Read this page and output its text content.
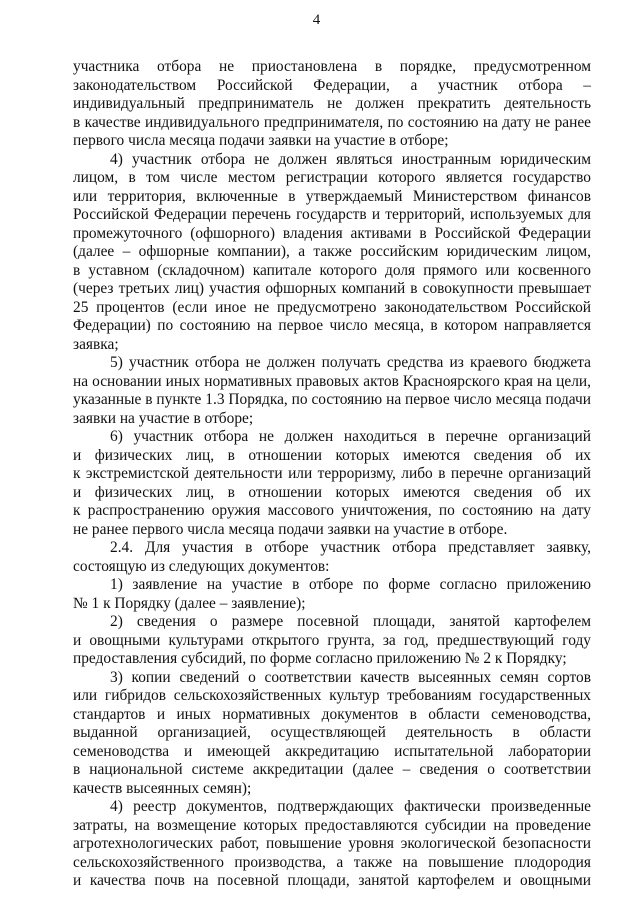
4
участника отбора не приостановлена в порядке, предусмотренном
законодательством Российской Федерации, а участник отбора –
индивидуальный предприниматель не должен прекратить деятельность
в качестве индивидуального предпринимателя, по состоянию на дату не ранее
первого числа месяца подачи заявки на участие в отборе;
4) участник отбора не должен являться иностранным юридическим
лицом, в том числе местом регистрации которого является государство
или территория, включенные в утверждаемый Министерством финансов
Российской Федерации перечень государств и территорий, используемых для
промежуточного (офшорного) владения активами в Российской Федерации
(далее – офшорные компании), а также российским юридическим лицом,
в уставном (складочном) капитале которого доля прямого или косвенного
(через третьих лиц) участия офшорных компаний в совокупности превышает
25 процентов (если иное не предусмотрено законодательством Российской
Федерации) по состоянию на первое число месяца, в котором направляется
заявка;
5) участник отбора не должен получать средства из краевого бюджета
на основании иных нормативных правовых актов Красноярского края на цели,
указанные в пункте 1.3 Порядка, по состоянию на первое число месяца подачи
заявки на участие в отборе;
6) участник отбора не должен находиться в перечне организаций
и физических лиц, в отношении которых имеются сведения об их
к экстремистской деятельности или терроризму, либо в перечне организаций
и физических лиц, в отношении которых имеются сведения об их
к распространению оружия массового уничтожения, по состоянию на дату
не ранее первого числа месяца подачи заявки на участие в отборе.
2.4. Для участия в отборе участник отбора представляет заявку,
состоящую из следующих документов:
1) заявление на участие в отборе по форме согласно приложению
№ 1 к Порядку (далее – заявление);
2) сведения о размере посевной площади, занятой картофелем
и овощными культурами открытого грунта, за год, предшествующий году
предоставления субсидий, по форме согласно приложению № 2 к Порядку;
3) копии сведений о соответствии качеств высеянных семян сортов
или гибридов сельскохозяйственных культур требованиям государственных
стандартов и иных нормативных документов в области семеноводства,
выданной организацией, осуществляющей деятельность в области
семеноводства и имеющей аккредитацию испытательной лаборатории
в национальной системе аккредитации (далее – сведения о соответствии
качеств высеянных семян);
4) реестр документов, подтверждающих фактически произведенные
затраты, на возмещение которых предоставляются субсидии на проведение
агротехнологических работ, повышение уровня экологической безопасности
сельскохозяйственного производства, а также на повышение плодородия
и качества почв на посевной площади, занятой картофелем и овощными
